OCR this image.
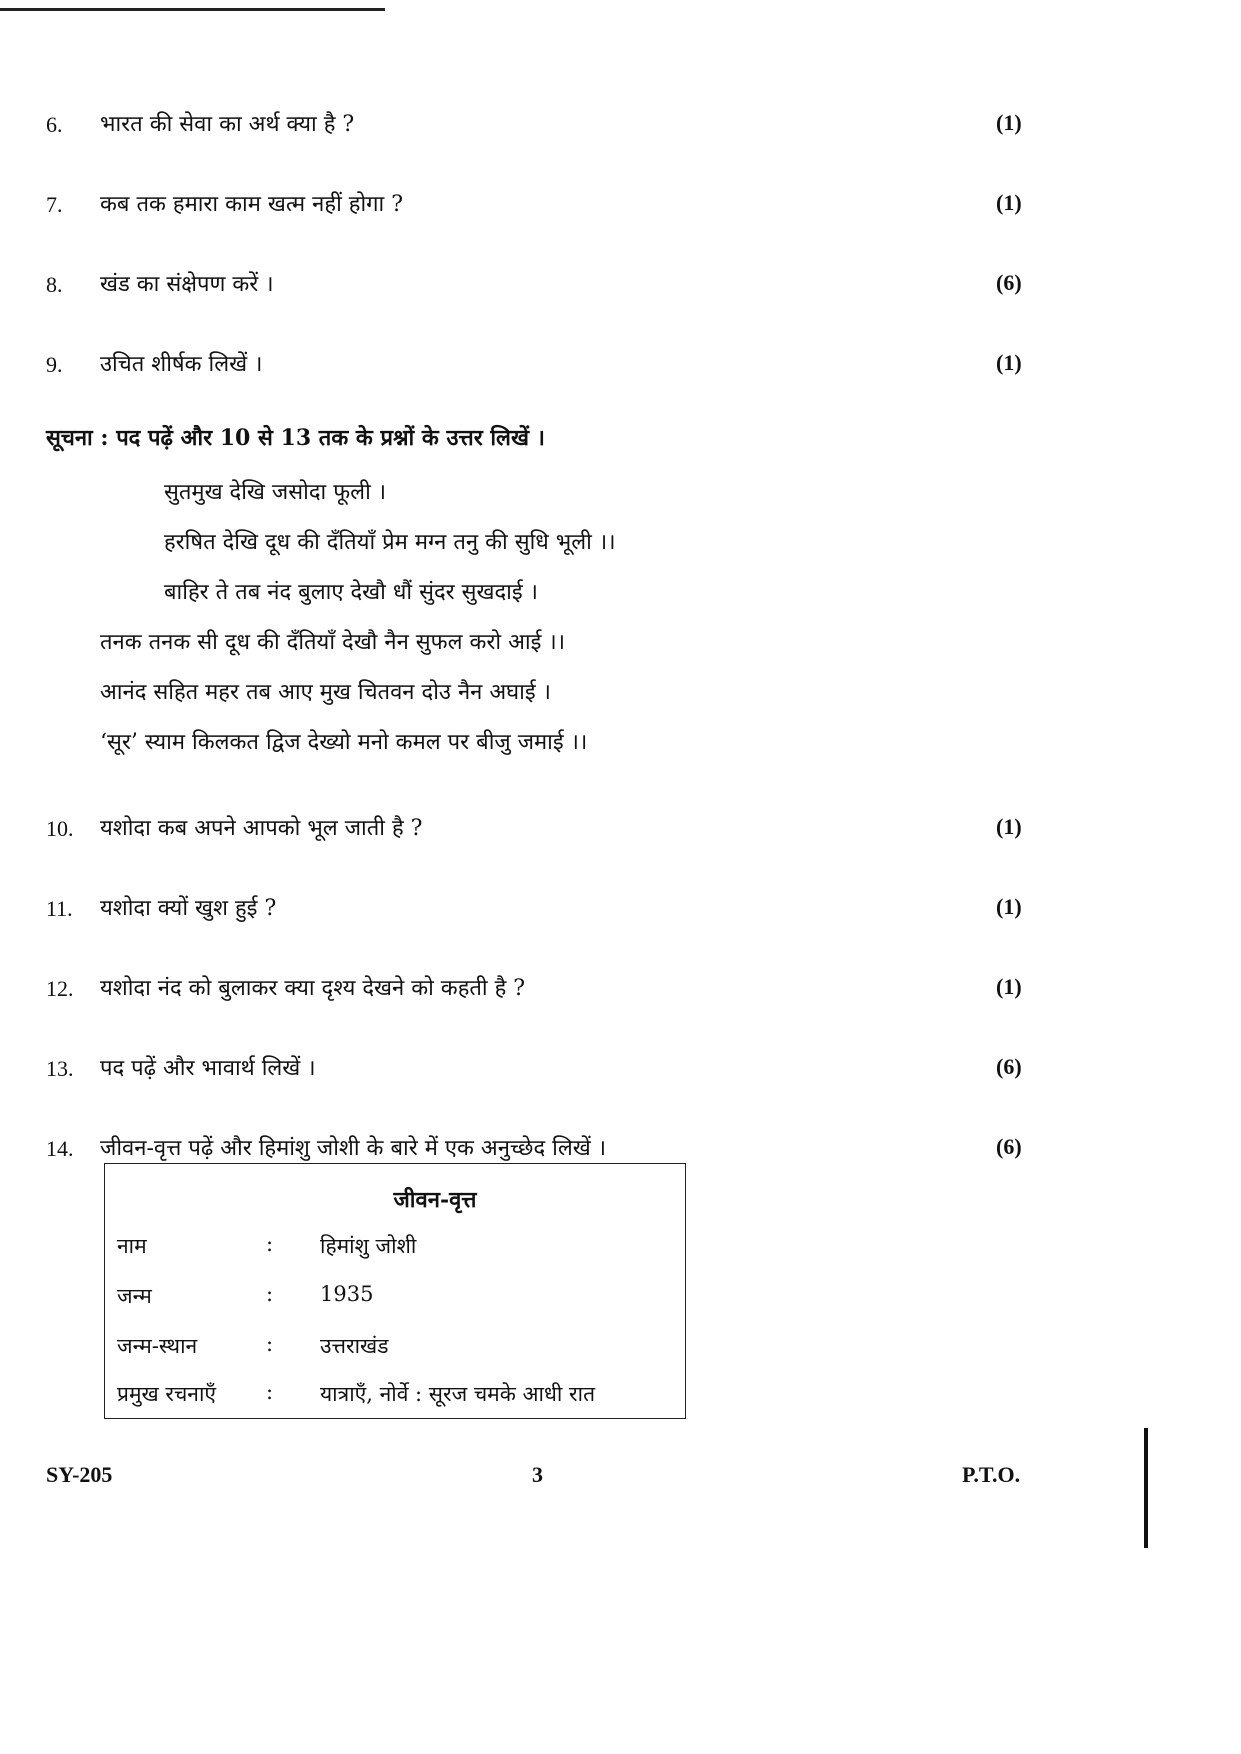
6. भारत की सेवा का अर्थ क्या है ?	(1)
7. कब तक हमारा काम खत्म नहीं होगा ?	(1)
8. खंड का संक्षेपण करें ।	(6)
9. उचित शीर्षक लिखें ।	(1)
सूचना : पद पढ़ें और 10 से 13 तक के प्रश्नों के उत्तर लिखें ।
सुतमुख देखि जसोदा फूली ।
हरषित देखि दूध की दँतियाँ प्रेम मग्न तनु की सुधि भूली ।।
बाहिर ते तब नंद बुलाए देखौ धौं सुंदर सुखदाई ।
तनक तनक सी दूध की दँतियाँ देखौ नैन सुफल करो आई ।।
आनंद सहित महर तब आए मुख चितवन दोउ नैन अघाई ।
‘सूर’ स्याम किलकत द्विज देख्यो मनो कमल पर बीजु जमाई ।।
10. यशोदा कब अपने आपको भूल जाती है ?	(1)
11. यशोदा क्यों खुश हुई ?	(1)
12. यशोदा नंद को बुलाकर क्या दृश्य देखने को कहती है ?	(1)
13. पद पढ़ें और भावार्थ लिखें ।	(6)
14. जीवन-वृत्त पढ़ें और हिमांशु जोशी के बारे में एक अनुच्छेद लिखें ।	(6)
जीवन-वृत्त
नाम	: हिमांशु जोशी
जन्म	: 1935
जन्म-स्थान	: उत्तराखंड
प्रमुख रचनाएँ : यात्राएँ, नोर्वे : सूरज चमके आधी रात
SY-205	3	P.T.O.
